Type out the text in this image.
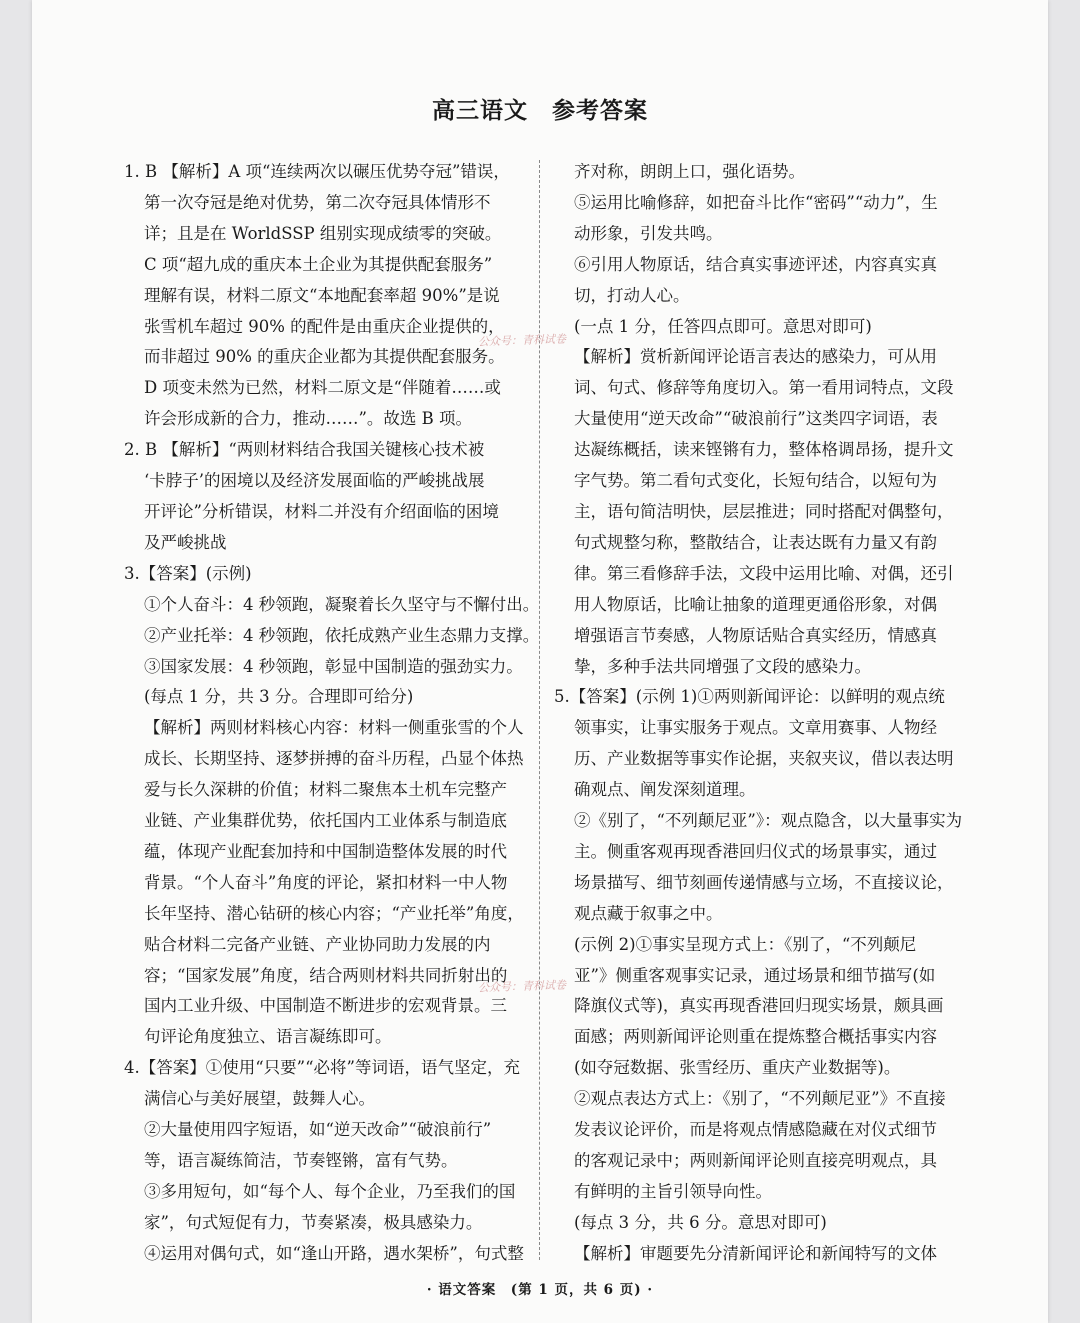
高三语文　参考答案

1. B 【解析】A 项“连续两次以碾压优势夺冠”错误，

第一次夺冠是绝对优势，第二次夺冠具体情形不

详；且是在 WorldSSP 组别实现成绩零的突破。

C 项“超九成的重庆本土企业为其提供配套服务”

理解有误，材料二原文“本地配套率超 90%”是说

张雪机车超过 90% 的配件是由重庆企业提供的，

而非超过 90% 的重庆企业都为其提供配套服务。

D 项变未然为已然，材料二原文是“伴随着……或

许会形成新的合力，推动……”。故选 B 项。

2. B 【解析】“两则材料结合我国关键核心技术被

‘卡脖子’的困境以及经济发展面临的严峻挑战展

开评论”分析错误，材料二并没有介绍面临的困境

及严峻挑战

3.【答案】(示例)

①个人奋斗：4 秒领跑，凝聚着长久坚守与不懈付出。

②产业托举：4 秒领跑，依托成熟产业生态鼎力支撑。

③国家发展：4 秒领跑，彰显中国制造的强劲实力。

(每点 1 分，共 3 分。合理即可给分)

【解析】两则材料核心内容：材料一侧重张雪的个人

成长、长期坚持、逐梦拼搏的奋斗历程，凸显个体热

爱与长久深耕的价值；材料二聚焦本土机车完整产

业链、产业集群优势，依托国内工业体系与制造底

蕴，体现产业配套加持和中国制造整体发展的时代

背景。“个人奋斗”角度的评论，紧扣材料一中人物

长年坚持、潜心钻研的核心内容；“产业托举”角度，

贴合材料二完备产业链、产业协同助力发展的内

容；“国家发展”角度，结合两则材料共同折射出的

国内工业升级、中国制造不断进步的宏观背景。三

句评论角度独立、语言凝练即可。

4.【答案】①使用“只要”“必将”等词语，语气坚定，充

满信心与美好展望，鼓舞人心。

②大量使用四字短语，如“逆天改命”“破浪前行”

等，语言凝练简洁，节奏铿锵，富有气势。

③多用短句，如“每个人、每个企业，乃至我们的国

家”，句式短促有力，节奏紧凑，极具感染力。

④运用对偶句式，如“逢山开路，遇水架桥”，句式整

齐对称，朗朗上口，强化语势。

⑤运用比喻修辞，如把奋斗比作“密码”“动力”，生

动形象，引发共鸣。

⑥引用人物原话，结合真实事迹评述，内容真实真

切，打动人心。

(一点 1 分，任答四点即可。意思对即可)

【解析】赏析新闻评论语言表达的感染力，可从用

词、句式、修辞等角度切入。第一看用词特点，文段

大量使用“逆天改命”“破浪前行”这类四字词语，表

达凝练概括，读来铿锵有力，整体格调昂扬，提升文

字气势。第二看句式变化，长短句结合，以短句为

主，语句简洁明快，层层推进；同时搭配对偶整句，

句式规整匀称，整散结合，让表达既有力量又有韵

律。第三看修辞手法，文段中运用比喻、对偶，还引

用人物原话，比喻让抽象的道理更通俗形象，对偶

增强语言节奏感，人物原话贴合真实经历，情感真

挚，多种手法共同增强了文段的感染力。

5.【答案】(示例 1)①两则新闻评论：以鲜明的观点统

领事实，让事实服务于观点。文章用赛事、人物经

历、产业数据等事实作论据，夹叙夹议，借以表达明

确观点、阐发深刻道理。

②《别了，“不列颠尼亚”》：观点隐含，以大量事实为

主。侧重客观再现香港回归仪式的场景事实，通过

场景描写、细节刻画传递情感与立场，不直接议论，

观点藏于叙事之中。

(示例 2)①事实呈现方式上：《别了，“不列颠尼

亚”》侧重客观事实记录，通过场景和细节描写(如

降旗仪式等)，真实再现香港回归现实场景，颇具画

面感；两则新闻评论则重在提炼整合概括事实内容

(如夺冠数据、张雪经历、重庆产业数据等)。

②观点表达方式上：《别了，“不列颠尼亚”》不直接

发表议论评价，而是将观点情感隐藏在对仪式细节

的客观记录中；两则新闻评论则直接亮明观点，具

有鲜明的主旨引领导向性。

(每点 3 分，共 6 分。意思对即可)

【解析】审题要先分清新闻评论和新闻特写的文体

公众号：青科试卷
公众号：青科试卷
· 语文答案　(第 1 页，共 6 页) ·
